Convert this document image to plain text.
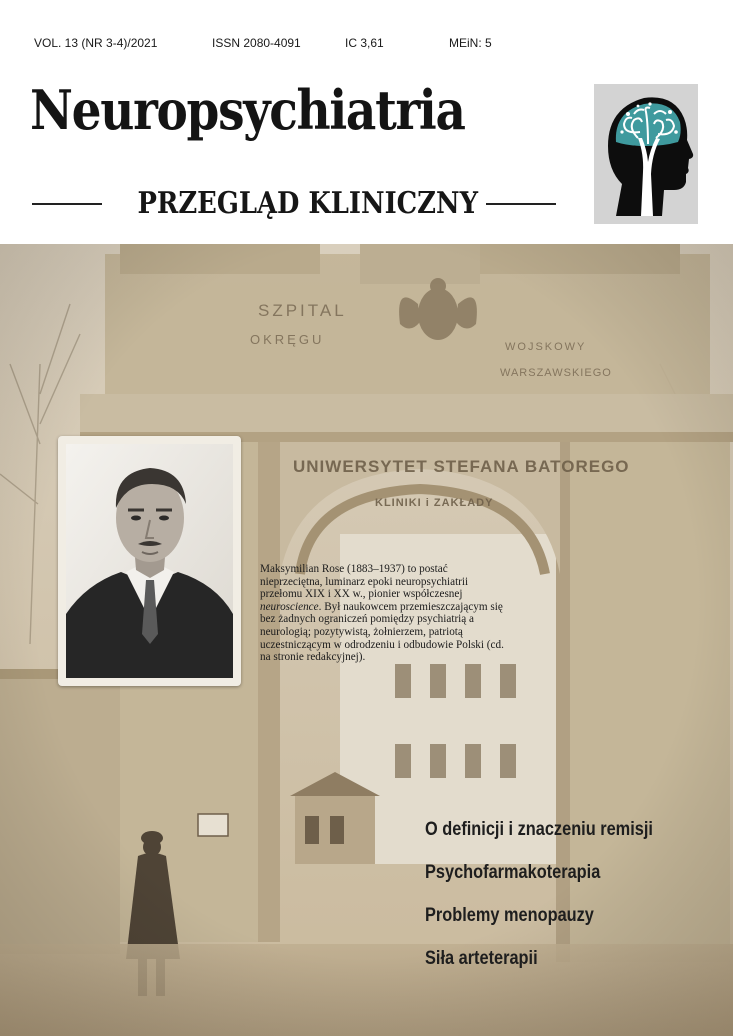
VOL. 13 (NR 3-4)/2021	ISSN 2080-4091	IC 3,61	MEiN: 5
Neuropsychiatria
PRZEGLĄD KLINICZNY

Maksymilian Rose (1883–1937) to postać nieprzeciętna, luminarz epoki neuropsychiatrii przełomu XIX i XX w., pionier współczesnej neuroscience. Był naukowcem przemieszczającym się bez żadnych ograniczeń pomiędzy psychiatrią a neurologią; pozytywistą, żołnierzem, patriotą uczestniczącym w odrodzeniu i odbudowie Polski (cd. na stronie redakcyjnej).

O definicji i znaczeniu remisji
Psychofarmakoterapia
Problemy menopauzy
Siła arteterapii
